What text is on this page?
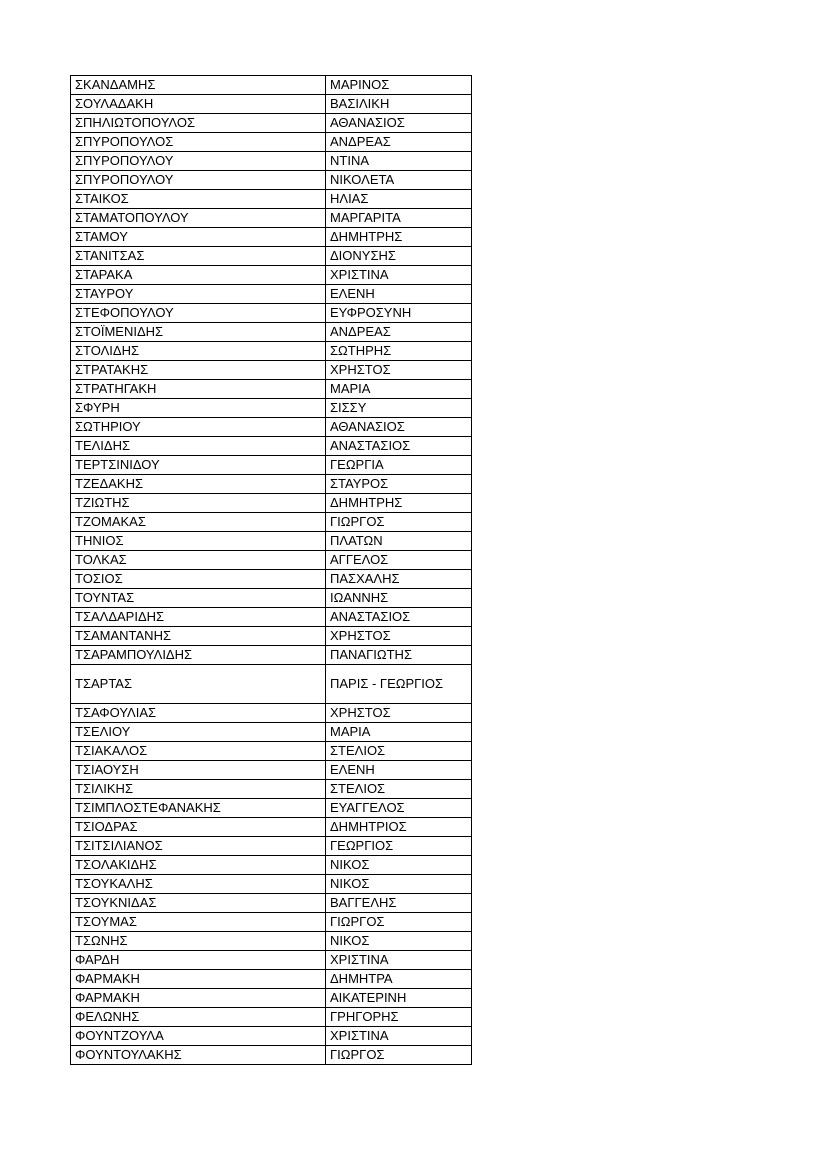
ΣΚΑΝΔΑΜΗΣ	ΜΑΡΙΝΟΣ
ΣΟΥΛΑΔΑΚΗ	ΒΑΣΙΛΙΚΗ
ΣΠΗΛΙΩΤΟΠΟΥΛΟΣ	ΑΘΑΝΑΣΙΟΣ
ΣΠΥΡΟΠΟΥΛΟΣ	ΑΝΔΡΕΑΣ
ΣΠΥΡΟΠΟΥΛΟΥ	ΝΤΙΝΑ
ΣΠΥΡΟΠΟΥΛΟΥ	ΝΙΚΟΛΕΤΑ
ΣΤΑΙΚΟΣ	ΗΛΙΑΣ
ΣΤΑΜΑΤΟΠΟΥΛΟΥ	ΜΑΡΓΑΡΙΤΑ
ΣΤΑΜΟΥ	ΔΗΜΗΤΡΗΣ
ΣΤΑΝΙΤΣΑΣ	ΔΙΟΝΥΣΗΣ
ΣΤΑΡΑΚΑ	ΧΡΙΣΤΙΝΑ
ΣΤΑΥΡΟΥ	ΕΛΕΝΗ
ΣΤΕΦΟΠΟΥΛΟΥ	ΕΥΦΡΟΣΥΝΗ
ΣΤΟΪΜΕΝΙΔΗΣ	ΑΝΔΡΕΑΣ
ΣΤΟΛΙΔΗΣ	ΣΩΤΗΡΗΣ
ΣΤΡΑΤΑΚΗΣ	ΧΡΗΣΤΟΣ
ΣΤΡΑΤΗΓΑΚΗ	ΜΑΡΙΑ
ΣΦΥΡΗ	ΣΙΣΣΥ
ΣΩΤΗΡΙΟΥ	ΑΘΑΝΑΣΙΟΣ
ΤΕΛΙΔΗΣ	ΑΝΑΣΤΑΣΙΟΣ
ΤΕΡΤΣΙΝΙΔΟΥ	ΓΕΩΡΓΙΑ
ΤΖΕΔΑΚΗΣ	ΣΤΑΥΡΟΣ
ΤΖΙΩΤΗΣ	ΔΗΜΗΤΡΗΣ
ΤΖΟΜΑΚΑΣ	ΓΙΩΡΓΟΣ
ΤΗΝΙΟΣ	ΠΛΑΤΩΝ
ΤΟΛΚΑΣ	ΑΓΓΕΛΟΣ
ΤΟΣΙΟΣ	ΠΑΣΧΑΛΗΣ
ΤΟΥΝΤΑΣ	ΙΩΑΝΝΗΣ
ΤΣΑΛΔΑΡΙΔΗΣ	ΑΝΑΣΤΑΣΙΟΣ
ΤΣΑΜΑΝΤΑΝΗΣ	ΧΡΗΣΤΟΣ
ΤΣΑΡΑΜΠΟΥΛΙΔΗΣ	ΠΑΝΑΓΙΩΤΗΣ
ΤΣΑΡΤΑΣ	ΠΑΡΙΣ - ΓΕΩΡΓΙΟΣ
ΤΣΑΦΟΥΛΙΑΣ	ΧΡΗΣΤΟΣ
ΤΣΕΛΙΟΥ	ΜΑΡΙΑ
ΤΣΙΑΚΑΛΟΣ	ΣΤΕΛΙΟΣ
ΤΣΙΑΟΥΣΗ	ΕΛΕΝΗ
ΤΣΙΛΙΚΗΣ	ΣΤΕΛΙΟΣ
ΤΣΙΜΠΛΟΣΤΕΦΑΝΑΚΗΣ	ΕΥΑΓΓΕΛΟΣ
ΤΣΙΟΔΡΑΣ	ΔΗΜΗΤΡΙΟΣ
ΤΣΙΤΣΙΛΙΑΝΟΣ	ΓΕΩΡΓΙΟΣ
ΤΣΟΛΑΚΙΔΗΣ	ΝΙΚΟΣ
ΤΣΟΥΚΑΛΗΣ	ΝΙΚΟΣ
ΤΣΟΥΚΝΙΔΑΣ	ΒΑΓΓΕΛΗΣ
ΤΣΟΥΜΑΣ	ΓΙΩΡΓΟΣ
ΤΣΩΝΗΣ	ΝΙΚΟΣ
ΦΑΡΔΗ	ΧΡΙΣΤΙΝΑ
ΦΑΡΜΑΚΗ	ΔΗΜΗΤΡΑ
ΦΑΡΜΑΚΗ	ΑΙΚΑΤΕΡΙΝΗ
ΦΕΛΩΝΗΣ	ΓΡΗΓΟΡΗΣ
ΦΟΥΝΤΖΟΥΛΑ	ΧΡΙΣΤΙΝΑ
ΦΟΥΝΤΟΥΛΑΚΗΣ	ΓΙΩΡΓΟΣ
